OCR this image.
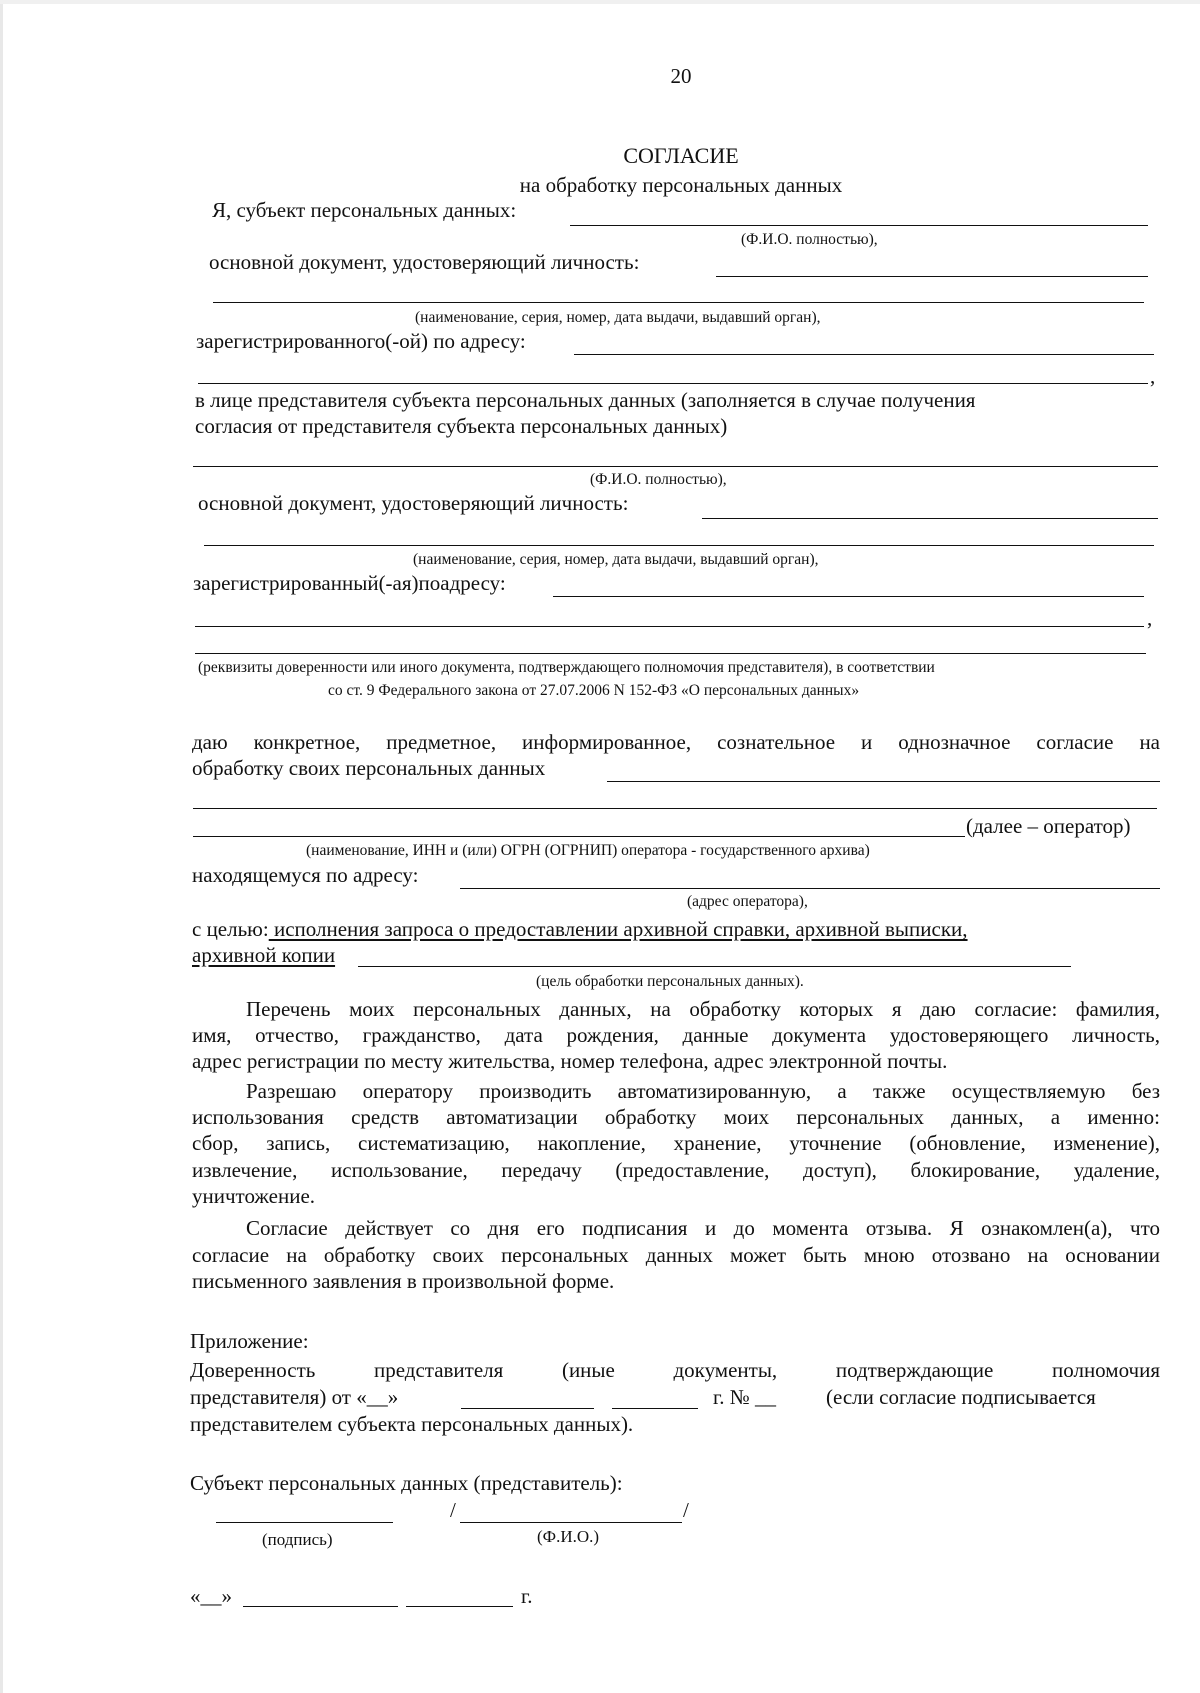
20
СОГЛАСИЕ
на обработку персональных данных
Я, субъект персональных данных:
(Ф.И.О. полностью),
основной документ, удостоверяющий личность:
(наименование, серия, номер, дата выдачи, выдавший орган),
зарегистрированного(-ой) по адресу:
,
в лице представителя субъекта персональных данных (заполняется в случае получения
согласия от представителя субъекта персональных данных)
(Ф.И.О. полностью),
основной документ, удостоверяющий личность:
(наименование, серия, номер, дата выдачи, выдавший орган),
зарегистрированный(-ая)поадресу:
,
(реквизиты доверенности или иного документа, подтверждающего полномочия представителя), в соответствии
со ст. 9 Федерального закона от 27.07.2006 N 152-ФЗ «О персональных данных»
даю конкретное, предметное, информированное, сознательное и однозначное согласие на
обработку своих персональных данных
(далее – оператор)
(наименование, ИНН и (или) ОГРН (ОГРНИП) оператора - государственного архива)
находящемуся по адресу:
(адрес оператора),
с целью: исполнения запроса о предоставлении архивной справки, архивной выписки,
архивной копии
(цель обработки персональных данных).
Перечень моих персональных данных, на обработку которых я даю согласие: фамилия,
имя, отчество, гражданство, дата рождения, данные документа удостоверяющего личность,
адрес регистрации по месту жительства, номер телефона, адрес электронной почты.
Разрешаю оператору производить автоматизированную, а также осуществляемую без
использования средств автоматизации обработку моих персональных данных, а именно:
сбор, запись, систематизацию, накопление, хранение, уточнение (обновление, изменение),
извлечение, использование, передачу (предоставление, доступ), блокирование, удаление,
уничтожение.
Согласие действует со дня его подписания и до момента отзыва. Я ознакомлен(а), что
согласие на обработку своих персональных данных может быть мною отозвано на основании
письменного заявления в произвольной форме.
Приложение:
Доверенность представителя (иные документы, подтверждающие полномочия
представителя) от «__»	г. № __ (если согласие подписывается
представителем субъекта персональных данных).
Субъект персональных данных (представитель):
/	/
(подпись)	(Ф.И.О.)
«__»	г.
